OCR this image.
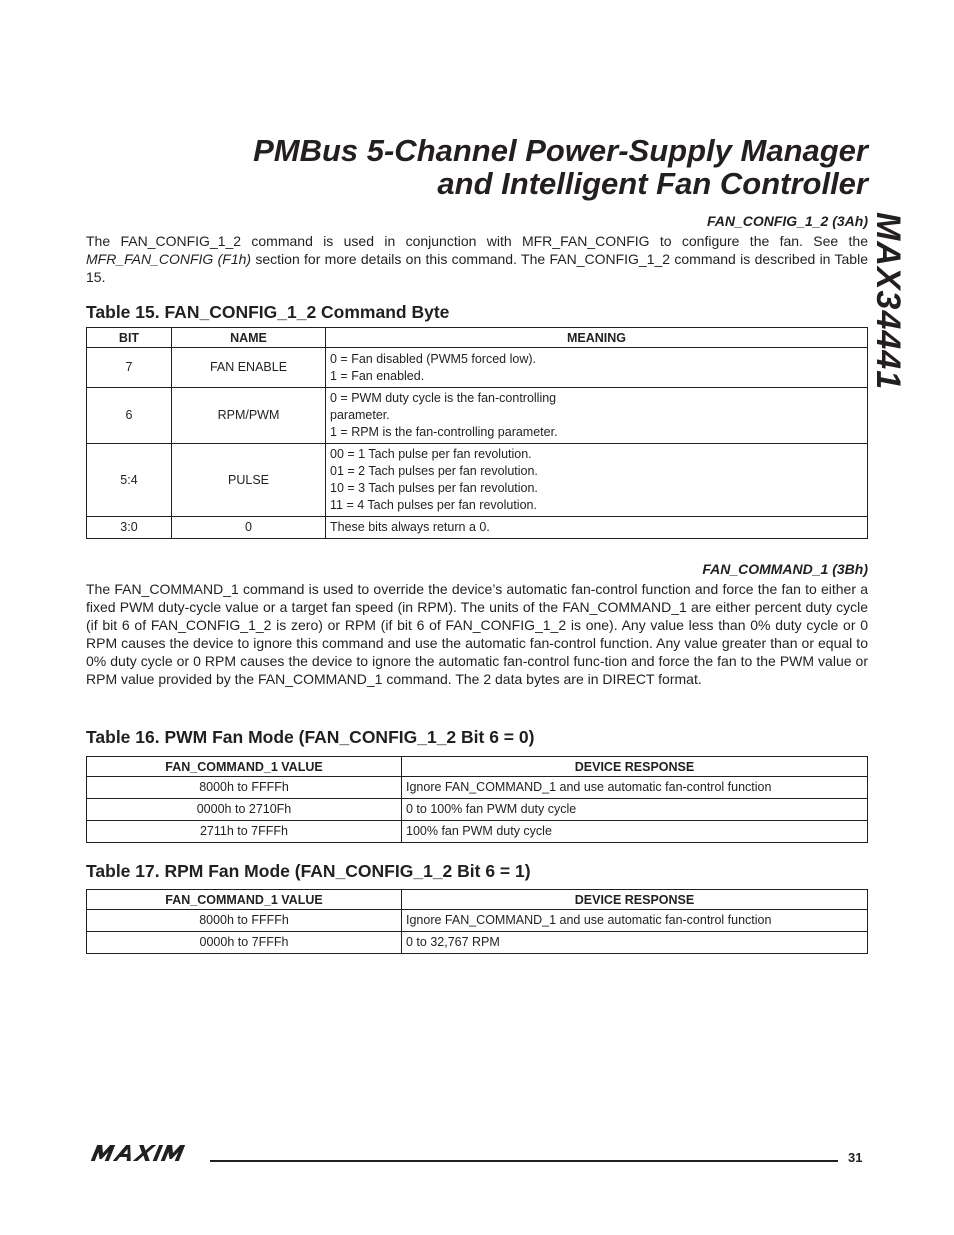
PMBus 5-Channel Power-Supply Manager
and Intelligent Fan Controller
MAX34441
FAN_CONFIG_1_2 (3Ah)
The FAN_CONFIG_1_2 command is used in conjunction with MFR_FAN_CONFIG to configure the fan. See the MFR_FAN_CONFIG (F1h) section for more details on this command. The FAN_CONFIG_1_2 command is described in Table 15.
Table 15. FAN_CONFIG_1_2 Command Byte
BIT	NAME	MEANING
7	FAN ENABLE	0 = Fan disabled (PWM5 forced low).
1 = Fan enabled.

6	RPM/PWM	0 = PWM duty cycle is the fan-controlling
parameter.
1 = RPM is the fan-controlling parameter.

5:4	PULSE	00 = 1 Tach pulse per fan revolution.
01 = 2 Tach pulses per fan revolution.
10 = 3 Tach pulses per fan revolution.
11 = 4 Tach pulses per fan revolution.

3:0	0	These bits always return a 0.
FAN_COMMAND_1 (3Bh)
The FAN_COMMAND_1 command is used to override the device’s automatic fan-control function and force the fan to either a fixed PWM duty-cycle value or a target fan speed (in RPM). The units of the FAN_COMMAND_1 are either percent duty cycle (if bit 6 of FAN_CONFIG_1_2 is zero) or RPM (if bit 6 of FAN_CONFIG_1_2 is one). Any value less than 0% duty cycle or 0 RPM causes the device to ignore this command and use the automatic fan-control function. Any value greater than or equal to 0% duty cycle or 0 RPM causes the device to ignore the automatic fan-control func-tion and force the fan to the PWM value or RPM value provided by the FAN_COMMAND_1 command. The 2 data bytes are in DIRECT format.
Table 16. PWM Fan Mode (FAN_CONFIG_1_2 Bit 6 = 0)
FAN_COMMAND_1 VALUE	DEVICE RESPONSE
8000h to FFFFh	Ignore FAN_COMMAND_1 and use automatic fan-control function
0000h to 2710Fh	0 to 100% fan PWM duty cycle
2711h to 7FFFh	100% fan PWM duty cycle
Table 17. RPM Fan Mode (FAN_CONFIG_1_2 Bit 6 = 1)
FAN_COMMAND_1 VALUE	DEVICE RESPONSE
8000h to FFFFh	Ignore FAN_COMMAND_1 and use automatic fan-control function
0000h to 7FFFh	0 to 32,767 RPM
31
